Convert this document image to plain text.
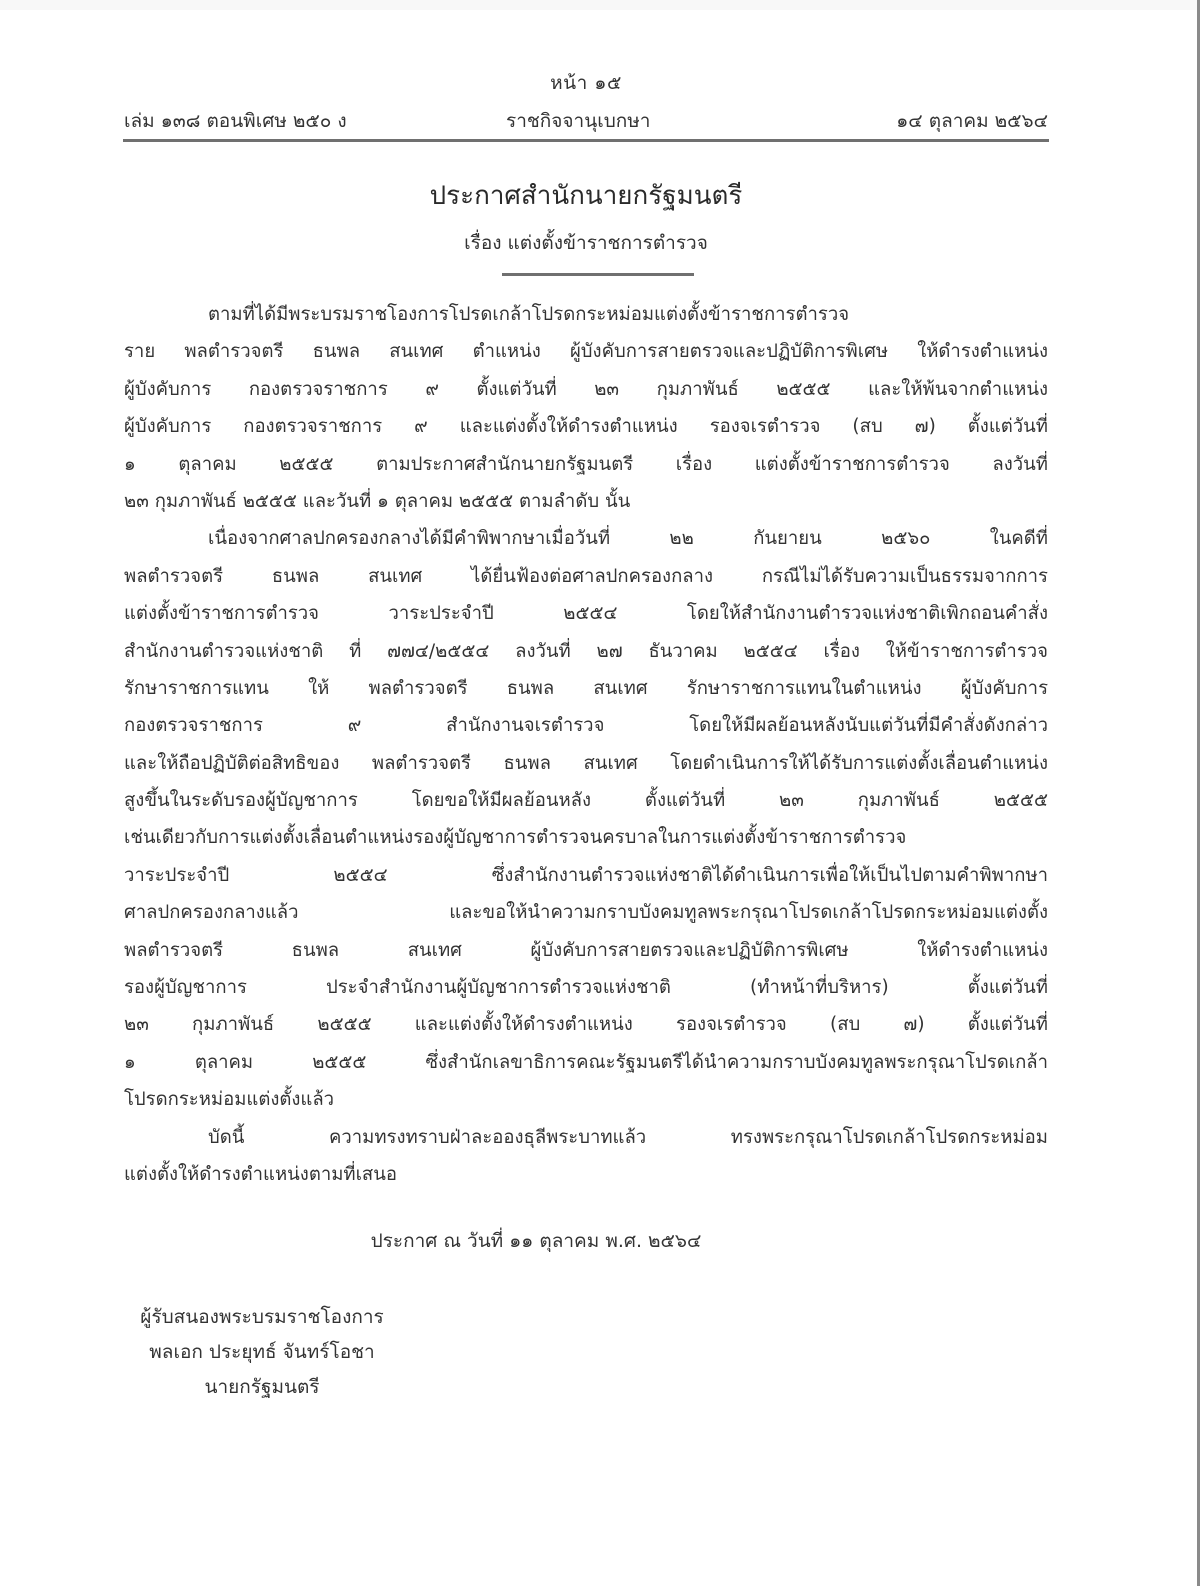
หน้า ๑๕
เล่ม ๑๓๘ ตอนพิเศษ ๒๕๐ ง	ราชกิจจานุเบกษา	๑๔ ตุลาคม ๒๕๖๔
ประกาศสำนักนายกรัฐมนตรี
เรื่อง แต่งตั้งข้าราชการตำรวจ
ตามที่ได้มีพระบรมราชโองการโปรดเกล้าโปรดกระหม่อมแต่งตั้งข้าราชการตำรวจ
ราย พลตำรวจตรี ธนพล สนเทศ ตำแหน่ง ผู้บังคับการสายตรวจและปฏิบัติการพิเศษ ให้ดำรงตำแหน่ง
ผู้บังคับการ กองตรวจราชการ ๙ ตั้งแต่วันที่ ๒๓ กุมภาพันธ์ ๒๕๕๕ และให้พ้นจากตำแหน่ง
ผู้บังคับการ กองตรวจราชการ ๙ และแต่งตั้งให้ดำรงตำแหน่ง รองจเรตำรวจ (สบ ๗) ตั้งแต่วันที่
๑ ตุลาคม ๒๕๕๕ ตามประกาศสำนักนายกรัฐมนตรี เรื่อง แต่งตั้งข้าราชการตำรวจ ลงวันที่
๒๓ กุมภาพันธ์ ๒๕๕๕ และวันที่ ๑ ตุลาคม ๒๕๕๕ ตามลำดับ นั้น
เนื่องจากศาลปกครองกลางได้มีคำพิพากษาเมื่อวันที่ ๒๒ กันยายน ๒๕๖๐ ในคดีที่
พลตำรวจตรี ธนพล สนเทศ ได้ยื่นฟ้องต่อศาลปกครองกลาง กรณีไม่ได้รับความเป็นธรรมจากการ
แต่งตั้งข้าราชการตำรวจ วาระประจำปี ๒๕๕๔ โดยให้สำนักงานตำรวจแห่งชาติเพิกถอนคำสั่ง
สำนักงานตำรวจแห่งชาติ ที่ ๗๗๔/๒๕๕๔ ลงวันที่ ๒๗ ธันวาคม ๒๕๕๔ เรื่อง ให้ข้าราชการตำรวจ
รักษาราชการแทน ให้ พลตำรวจตรี ธนพล สนเทศ รักษาราชการแทนในตำแหน่ง ผู้บังคับการ
กองตรวจราชการ ๙ สำนักงานจเรตำรวจ โดยให้มีผลย้อนหลังนับแต่วันที่มีคำสั่งดังกล่าว
และให้ถือปฏิบัติต่อสิทธิของ พลตำรวจตรี ธนพล สนเทศ โดยดำเนินการให้ได้รับการแต่งตั้งเลื่อนตำแหน่ง
สูงขึ้นในระดับรองผู้บัญชาการ โดยขอให้มีผลย้อนหลัง ตั้งแต่วันที่ ๒๓ กุมภาพันธ์ ๒๕๕๕
เช่นเดียวกับการแต่งตั้งเลื่อนตำแหน่งรองผู้บัญชาการตำรวจนครบาลในการแต่งตั้งข้าราชการตำรวจ
วาระประจำปี ๒๕๕๔ ซึ่งสำนักงานตำรวจแห่งชาติได้ดำเนินการเพื่อให้เป็นไปตามคำพิพากษา
ศาลปกครองกลางแล้ว และขอให้นำความกราบบังคมทูลพระกรุณาโปรดเกล้าโปรดกระหม่อมแต่งตั้ง
พลตำรวจตรี ธนพล สนเทศ ผู้บังคับการสายตรวจและปฏิบัติการพิเศษ ให้ดำรงตำแหน่ง
รองผู้บัญชาการ ประจำสำนักงานผู้บัญชาการตำรวจแห่งชาติ (ทำหน้าที่บริหาร) ตั้งแต่วันที่
๒๓ กุมภาพันธ์ ๒๕๕๕ และแต่งตั้งให้ดำรงตำแหน่ง รองจเรตำรวจ (สบ ๗) ตั้งแต่วันที่
๑ ตุลาคม ๒๕๕๕ ซึ่งสำนักเลขาธิการคณะรัฐมนตรีได้นำความกราบบังคมทูลพระกรุณาโปรดเกล้า
โปรดกระหม่อมแต่งตั้งแล้ว
บัดนี้ ความทรงทราบฝ่าละอองธุลีพระบาทแล้ว ทรงพระกรุณาโปรดเกล้าโปรดกระหม่อม
แต่งตั้งให้ดำรงตำแหน่งตามที่เสนอ
ประกาศ ณ วันที่ ๑๑ ตุลาคม พ.ศ. ๒๕๖๔
ผู้รับสนองพระบรมราชโองการ
พลเอก ประยุทธ์ จันทร์โอชา
นายกรัฐมนตรี
